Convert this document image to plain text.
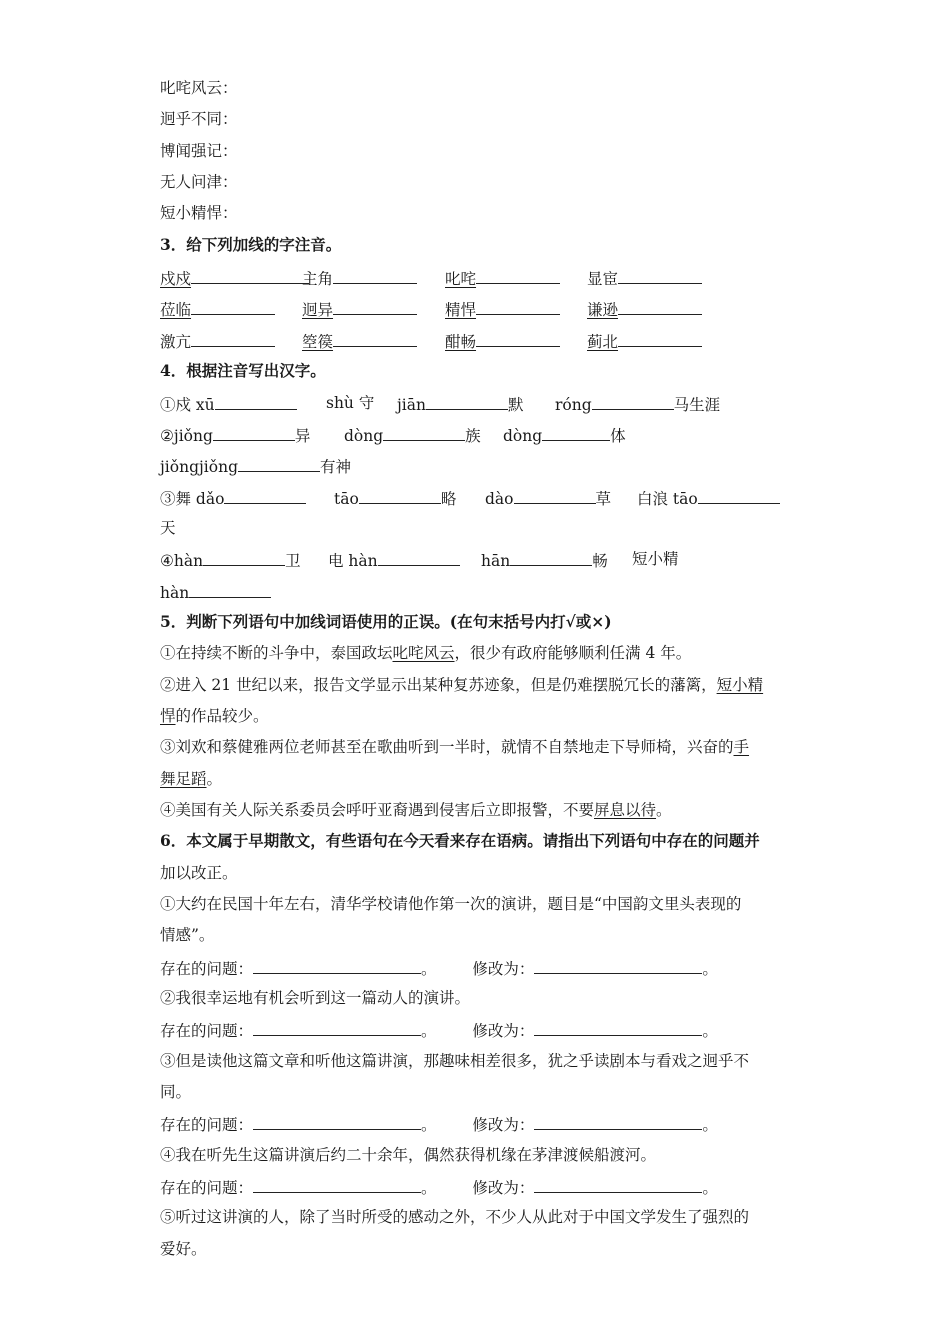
叱咤风云：
迥乎不同：
博闻强记：
无人问津：
短小精悍：
3．给下列加线的字注音。
戍戍	主角	叱咤	显宦
莅临	迥异	精悍	谦逊
激亢	箜篌	酣畅	蓟北
4．根据注音写出汉字。
①戍 xū	shù 守 jiān	默 róng	马生涯
②jiǒng	异 dòng	族 dòng	体
jiǒngjiǒng	有神
③舞 dǎo	tāo	略 dào	草 白浪 tāo
天
④hàn	卫 电 hàn	hān	畅 短小精
hàn
5．判断下列语句中加线词语使用的正误。(在句末括号内打√或×)
①在持续不断的斗争中，泰国政坛叱咤风云，很少有政府能够顺利任满 4 年。
②进入 21 世纪以来，报告文学显示出某种复苏迹象，但是仍难摆脱冗长的藩篱，短小精
悍的作品较少。
③刘欢和蔡健雅两位老师甚至在歌曲听到一半时，就情不自禁地走下导师椅，兴奋的手
舞足蹈。
④美国有关人际关系委员会呼吁亚裔遇到侵害后立即报警，不要屏息以待。
6．本文属于早期散文，有些语句在今天看来存在语病。请指出下列语句中存在的问题并
加以改正。
①大约在民国十年左右，清华学校请他作第一次的演讲，题目是“中国韵文里头表现的
情感”。
存在的问题：	。 修改为：	。
②我很幸运地有机会听到这一篇动人的演讲。
存在的问题：	。 修改为：	。
③但是读他这篇文章和听他这篇讲演，那趣味相差很多，犹之乎读剧本与看戏之迥乎不
同。
存在的问题：	。 修改为：	。
④我在听先生这篇讲演后约二十余年，偶然获得机缘在茅津渡候船渡河。
存在的问题：	。 修改为：	。
⑤听过这讲演的人，除了当时所受的感动之外，不少人从此对于中国文学发生了强烈的
爱好。
